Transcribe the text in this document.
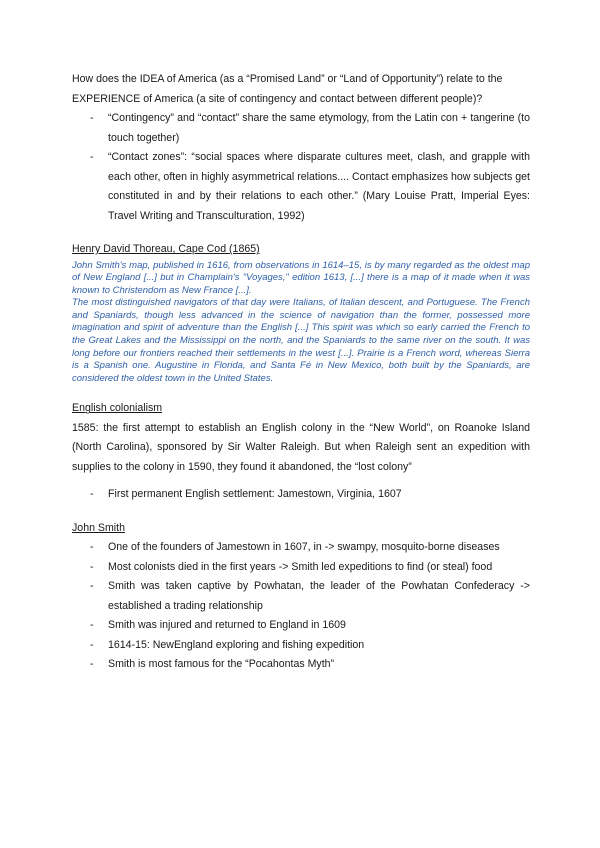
How does the IDEA of America (as a “Promised Land” or “Land of Opportunity”) relate to the EXPERIENCE of America (a site of contingency and contact between different people)?

- “Contingency” and “contact” share the same etymology, from the Latin con + tangerine (to touch together)
- “Contact zones”: “social spaces where disparate cultures meet, clash, and grapple with each other, often in highly asymmetrical relations.... Contact emphasizes how subjects get constituted in and by their relations to each other.” (Mary Louise Pratt, Imperial Eyes: Travel Writing and Transculturation, 1992)

Henry David Thoreau, Cape Cod (1865)

John Smith's map, published in 1616, from observations in 1614–15, is by many regarded as the oldest map of New England [...] but in Champlain's "Voyages," edition 1613, [...] there is a map of it made when it was known to Christendom as New France [...].

The most distinguished navigators of that day were Italians, of Italian descent, and Portuguese. The French and Spaniards, though less advanced in the science of navigation than the former, possessed more imagination and spirit of adventure than the English [...] This spirit was which so early carried the French to the Great Lakes and the Mississippi on the north, and the Spaniards to the same river on the south. It was long before our frontiers reached their settlements in the west [...]. Prairie is a French word, whereas Sierra is a Spanish one. Augustine in Florida, and Santa Fé in New Mexico, both built by the Spaniards, are considered the oldest town in the United States.

English colonialism

1585: the first attempt to establish an English colony in the “New World”, on Roanoke Island (North Carolina), sponsored by Sir Walter Raleigh. But when Raleigh sent an expedition with supplies to the colony in 1590, they found it abandoned, the “lost colony”

- First permanent English settlement: Jamestown, Virginia, 1607

John Smith

- One of the founders of Jamestown in 1607, in -> swampy, mosquito-borne diseases
- Most colonists died in the first years -> Smith led expeditions to find (or steal) food
- Smith was taken captive by Powhatan, the leader of the Powhatan Confederacy -> established a trading relationship
- Smith was injured and returned to England in 1609
- 1614-15: NewEngland exploring and fishing expedition
- Smith is most famous for the “Pocahontas Myth”
